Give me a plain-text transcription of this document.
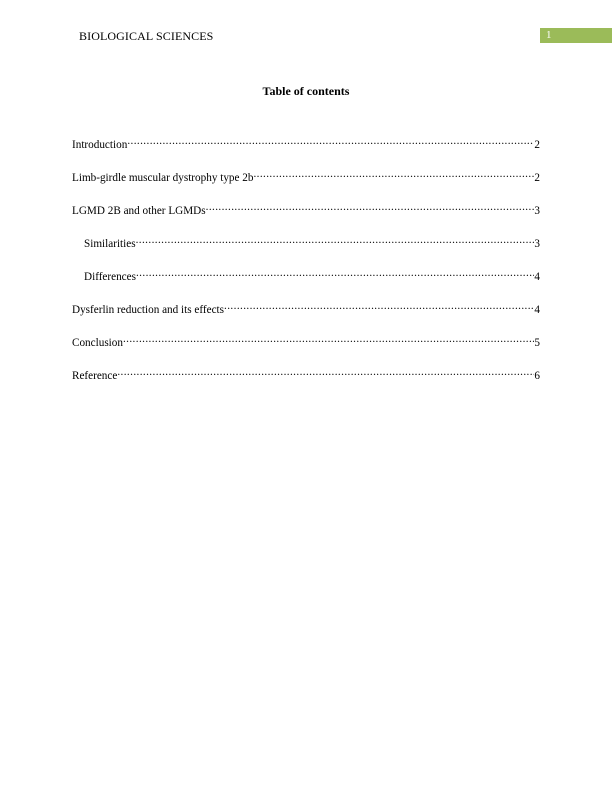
BIOLOGICAL SCIENCES	1
Table of contents
Introduction .....	2
Limb-girdle muscular dystrophy type 2b .....	2
LGMD 2B and other LGMDs .....	3
Similarities .....	3
Differences .....	4
Dysferlin reduction and its effects .....	4
Conclusion .....	5
Reference .....	6
